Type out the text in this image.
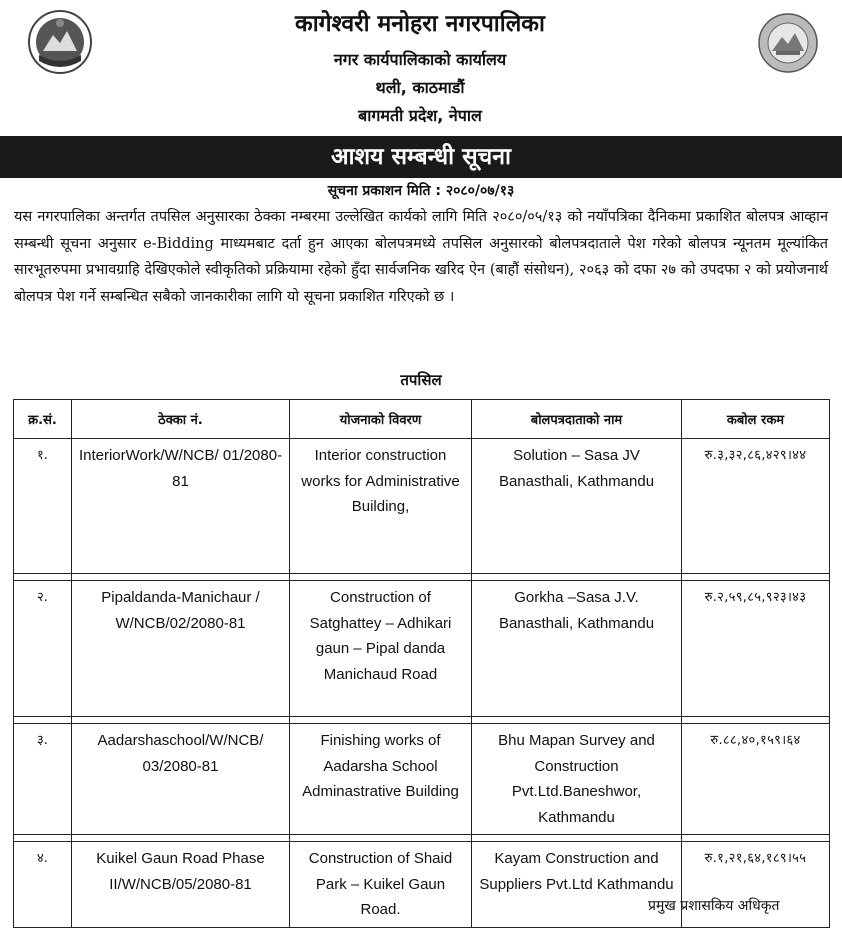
कागेश्वरी मनोहरा नगरपालिका
नगर कार्यपालिकाको कार्यालय
थली, काठमाडौं
बागमती प्रदेश, नेपाल
आशय सम्बन्धी सूचना
सूचना प्रकाशन मिति : २०८०/०७/१३

यस नगरपालिका अन्तर्गत तपसिल अनुसारका ठेक्का नम्बरमा उल्लेखित कार्यको लागि मिति २०८०/०५/१३ को नयाँपत्रिका दैनिकमा प्रकाशित बोलपत्र आव्हान सम्बन्धी सूचना अनुसार e-Bidding माध्यमबाट दर्ता हुन आएका बोलपत्रमध्ये तपसिल अनुसारको बोलपत्रदाताले पेश गरेको बोलपत्र न्यूनतम मूल्यांकित सारभूतरुपमा प्रभावग्राहि देखिएकोले स्वीकृतिको प्रक्रियामा रहेको हुँदा सार्वजनिक खरिद ऐन (बाहौं संसोधन), २०६३ को दफा २७ को उपदफा २ को प्रयोजनार्थ बोलपत्र पेश गर्ने सम्बन्धित सबैको जानकारीका लागि यो सूचना प्रकाशित गरिएको छ ।

तपसिल
क्र.सं.	ठेक्का नं.	योजनाको विवरण	बोलपत्रदाताको नाम	कबोल रकम
१.	InteriorWork/W/NCB/ 01/2080-81	Interior construction works for Administrative Building,	Solution – Sasa JV Banasthali, Kathmandu	रु.३,३२,८६,४२९।४४

२.	Pipaldanda-Manichaur / W/NCB/02/2080-81	Construction of Satghattey – Adhikari gaun – Pipal danda Manichaud Road	Gorkha –Sasa J.V. Banasthali, Kathmandu	रु.२,५९,८५,९२३।४३

३.	Aadarshaschool/W/NCB/ 03/2080-81	Finishing works of Aadarsha School Adminastrative Building	Bhu Mapan Survey and Construction Pvt.Ltd.Baneshwor, Kathmandu	रु.८८,४०,१५९।६४

४.	Kuikel Gaun Road Phase II/W/NCB/05/2080-81	Construction of Shaid Park – Kuikel Gaun Road.	Kayam Construction and Suppliers Pvt.Ltd Kathmandu	रु.१,२१,६४,१८९।५५
प्रमुख प्रशासकिय अधिकृत
